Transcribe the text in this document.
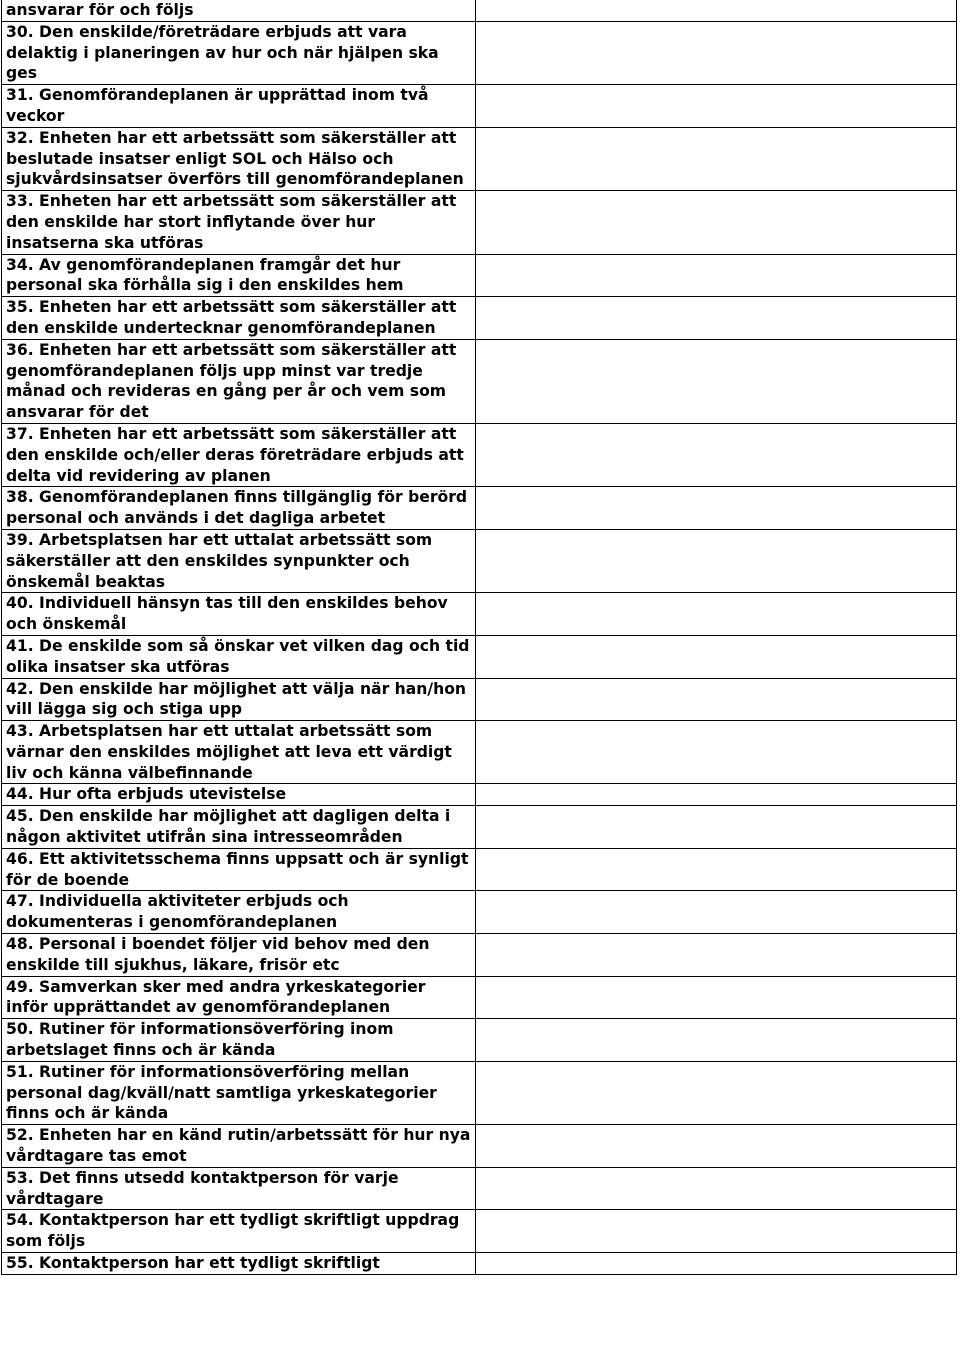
ansvarar för och följs	
30. Den enskilde/företrädare erbjuds att vara delaktig i planeringen av hur och när hjälpen ska ges	
31. Genomförandeplanen är upprättad inom två veckor	
32. Enheten har ett arbetssätt som säkerställer att beslutade insatser enligt SOL och Hälso och sjukvårdsinsatser överförs till genomförandeplanen	
33. Enheten har ett arbetssätt som säkerställer att den enskilde har stort inflytande över hur insatserna ska utföras	
34. Av genomförandeplanen framgår det hur personal ska förhålla sig i den enskildes hem	
35. Enheten har ett arbetssätt som säkerställer att den enskilde undertecknar genomförandeplanen	
36. Enheten har ett arbetssätt som säkerställer att genomförandeplanen följs upp minst var tredje månad och revideras en gång per år och vem som ansvarar för det	
37. Enheten har ett arbetssätt som säkerställer att den enskilde och/eller deras företrädare erbjuds att delta vid revidering av planen	
38. Genomförandeplanen finns tillgänglig för berörd personal och används i det dagliga arbetet	
39. Arbetsplatsen har ett uttalat arbetssätt som säkerställer att den enskildes synpunkter och önskemål beaktas	
40. Individuell hänsyn tas till den enskildes behov och önskemål	
41. De enskilde som så önskar vet vilken dag och tid olika insatser ska utföras	
42. Den enskilde har möjlighet att välja när han/hon vill lägga sig och stiga upp	
43. Arbetsplatsen har ett uttalat arbetssätt som värnar den enskildes möjlighet att leva ett värdigt liv och känna välbefinnande	
44. Hur ofta erbjuds utevistelse	
45. Den enskilde har möjlighet att dagligen delta i någon aktivitet utifrån sina intresseområden	
46. Ett aktivitetsschema finns uppsatt och är synligt för de boende	
47. Individuella aktiviteter erbjuds och dokumenteras i genomförandeplanen	
48. Personal i boendet följer vid behov med den enskilde till sjukhus, läkare, frisör etc	
49. Samverkan sker med andra yrkeskategorier inför upprättandet av genomförandeplanen	
50. Rutiner för informationsöverföring inom arbetslaget finns och är kända	
51. Rutiner för informationsöverföring mellan personal dag/kväll/natt samtliga yrkeskategorier finns och är kända	
52. Enheten har en känd rutin/arbetssätt för hur nya vårdtagare tas emot	
53. Det finns utsedd kontaktperson för varje vårdtagare	
54. Kontaktperson har ett tydligt skriftligt uppdrag som följs	
55. Kontaktperson har ett tydligt skriftligt	
